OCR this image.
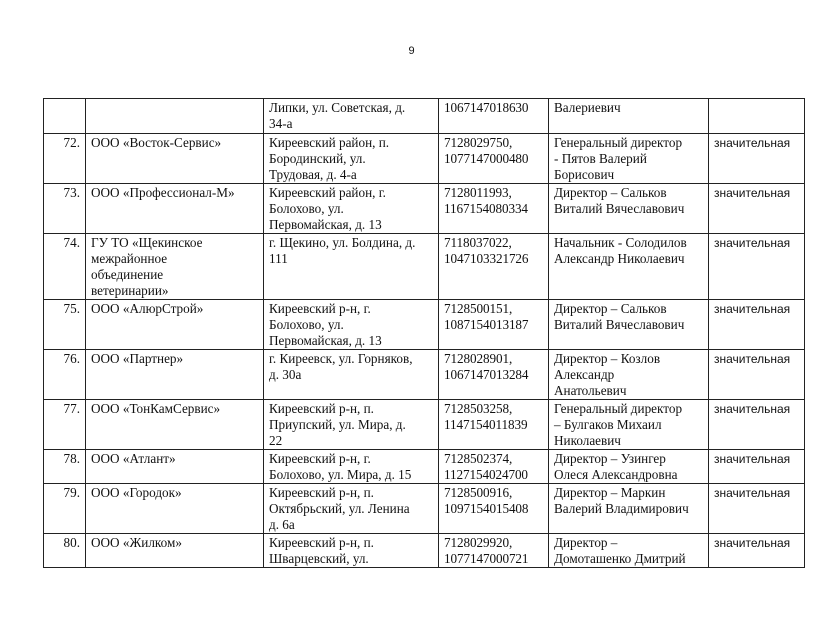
9

		Липки, ул. Советская, д.
34-а	1067147018630	Валериевич	

72.	ООО «Восток-Сервис»	Киреевский район, п.
Бородинский, ул.
Трудовая, д. 4-а	7128029750,
1077147000480	Генеральный директор
- Пятов Валерий
Борисович	значительная
73.	ООО «Профессионал-М»	Киреевский район, г.
Болохово, ул.
Первомайская, д. 13	7128011993,
1167154080334	Директор – Сальков
Виталий Вячеславович	значительная
74.	ГУ ТО «Щекинское
межрайонное
объединение
ветеринарии»	г. Щекино, ул. Болдина, д.
111	7118037022,
1047103321726	Начальник - Солодилов
Александр Николаевич	значительная
75.	ООО «АлюрСтрой»	Киреевский р-н, г.
Болохово, ул.
Первомайская, д. 13	7128500151,
1087154013187	Директор – Сальков
Виталий Вячеславович	значительная
76.	ООО «Партнер»	г. Киреевск, ул. Горняков,
д. 30а	7128028901,
1067147013284	Директор – Козлов
Александр
Анатольевич	значительная
77.	ООО «ТонКамСервис»	Киреевский р-н, п.
Приупский, ул. Мира, д.
22	7128503258,
1147154011839	Генеральный директор
– Булгаков Михаил
Николаевич	значительная
78.	ООО «Атлант»	Киреевский р-н, г.
Болохово, ул. Мира, д. 15	7128502374,
1127154024700	Директор – Узингер
Олеся Александровна	значительная
79.	ООО «Городок»	Киреевский р-н, п.
Октябрьский, ул. Ленина
д. 6а	7128500916,
1097154015408	Директор – Маркин
Валерий Владимирович	значительная
80.	ООО «Жилком»	Киреевский р-н, п.
Шварцевский, ул.	7128029920,
1077147000721	Директор –
Домоташенко Дмитрий	значительная
